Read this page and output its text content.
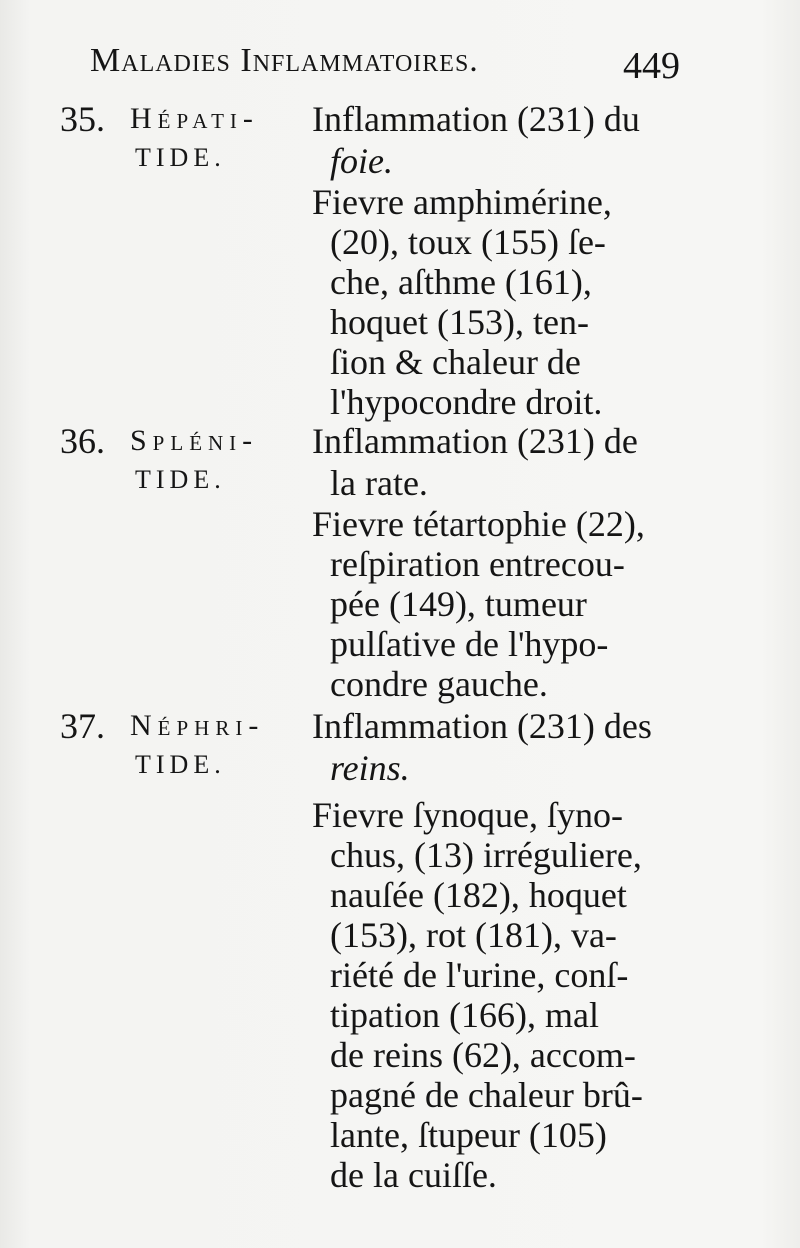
Maladies Inflammatoires.	449
35. Hépati-
TIDE.
Inflammation (231) du
foie.
Fievre amphimérine,
(20), toux (155) ſe-
che, aſthme (161),
hoquet (153), ten-
ſion & chaleur de
l'hypocondre droit.
36. Spléni-
TIDE.
Inflammation (231) de
la rate.
Fievre tétartophie (22),
reſpiration entrecou-
pée (149), tumeur
pulſative de l'hypo-
condre gauche.
37. Néphri-
TIDE.
Inflammation (231) des
reins.
Fievre ſynoque, ſyno-
chus, (13) irréguliere,
nauſée (182), hoquet
(153), rot (181), va-
riété de l'urine, conſ-
tipation (166), mal
de reins (62), accom-
pagné de chaleur brû-
lante, ſtupeur (105)
de la cuiſſe.
